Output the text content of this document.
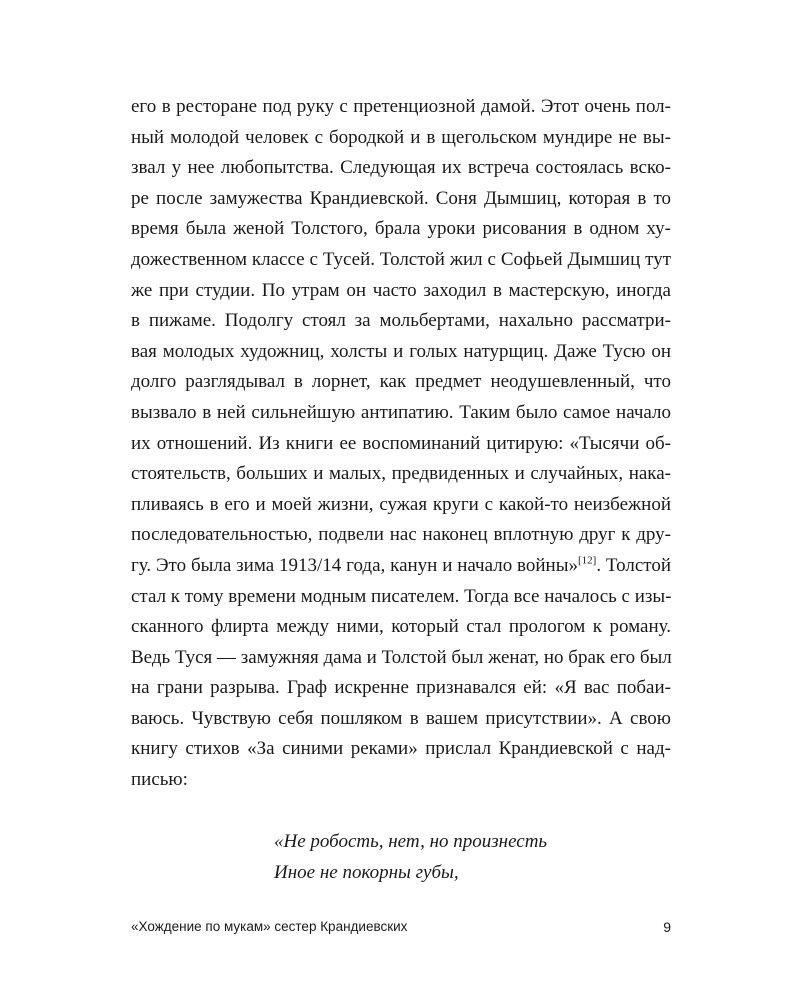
его в ресторане под руку с претенциозной дамой. Этот очень пол-
ный молодой человек с бородкой и в щегольском мундире не вы-
звал у нее любопытства. Следующая их встреча состоялась вско-
ре после замужества Крандиевской. Соня Дымшиц, которая в то
время была женой Толстого, брала уроки рисования в одном ху-
дожественном классе с Тусей. Толстой жил с Софьей Дымшиц тут
же при студии. По утрам он часто заходил в мастерскую, иногда
в пижаме. Подолгу стоял за мольбертами, нахально рассматри-
вая молодых художниц, холсты и голых натурщиц. Даже Тусю он
долго разглядывал в лорнет, как предмет неодушевленный, что
вызвало в ней сильнейшую антипатию. Таким было самое начало
их отношений. Из книги ее воспоминаний цитирую: «Тысячи об-
стоятельств, больших и малых, предвиденных и случайных, нака-
пливаясь в его и моей жизни, сужая круги с какой-то неизбежной
последовательностью, подвели нас наконец вплотную друг к дру-
гу. Это была зима 1913/14 года, канун и начало войны»[12]. Толстой
стал к тому времени модным писателем. Тогда все началось с изы-
сканного флирта между ними, который стал прологом к роману.
Ведь Туся — замужняя дама и Толстой был женат, но брак его был
на грани разрыва. Граф искренне признавался ей: «Я вас побаи-
ваюсь. Чувствую себя пошляком в вашем присутствии». А свою
книгу стихов «За синими реками» прислал Крандиевской с над-
писью:
«Не робость, нет, но произнесть
Иное не покорны губы,
«Хождение по мукам» сестер Крандиевских	9
